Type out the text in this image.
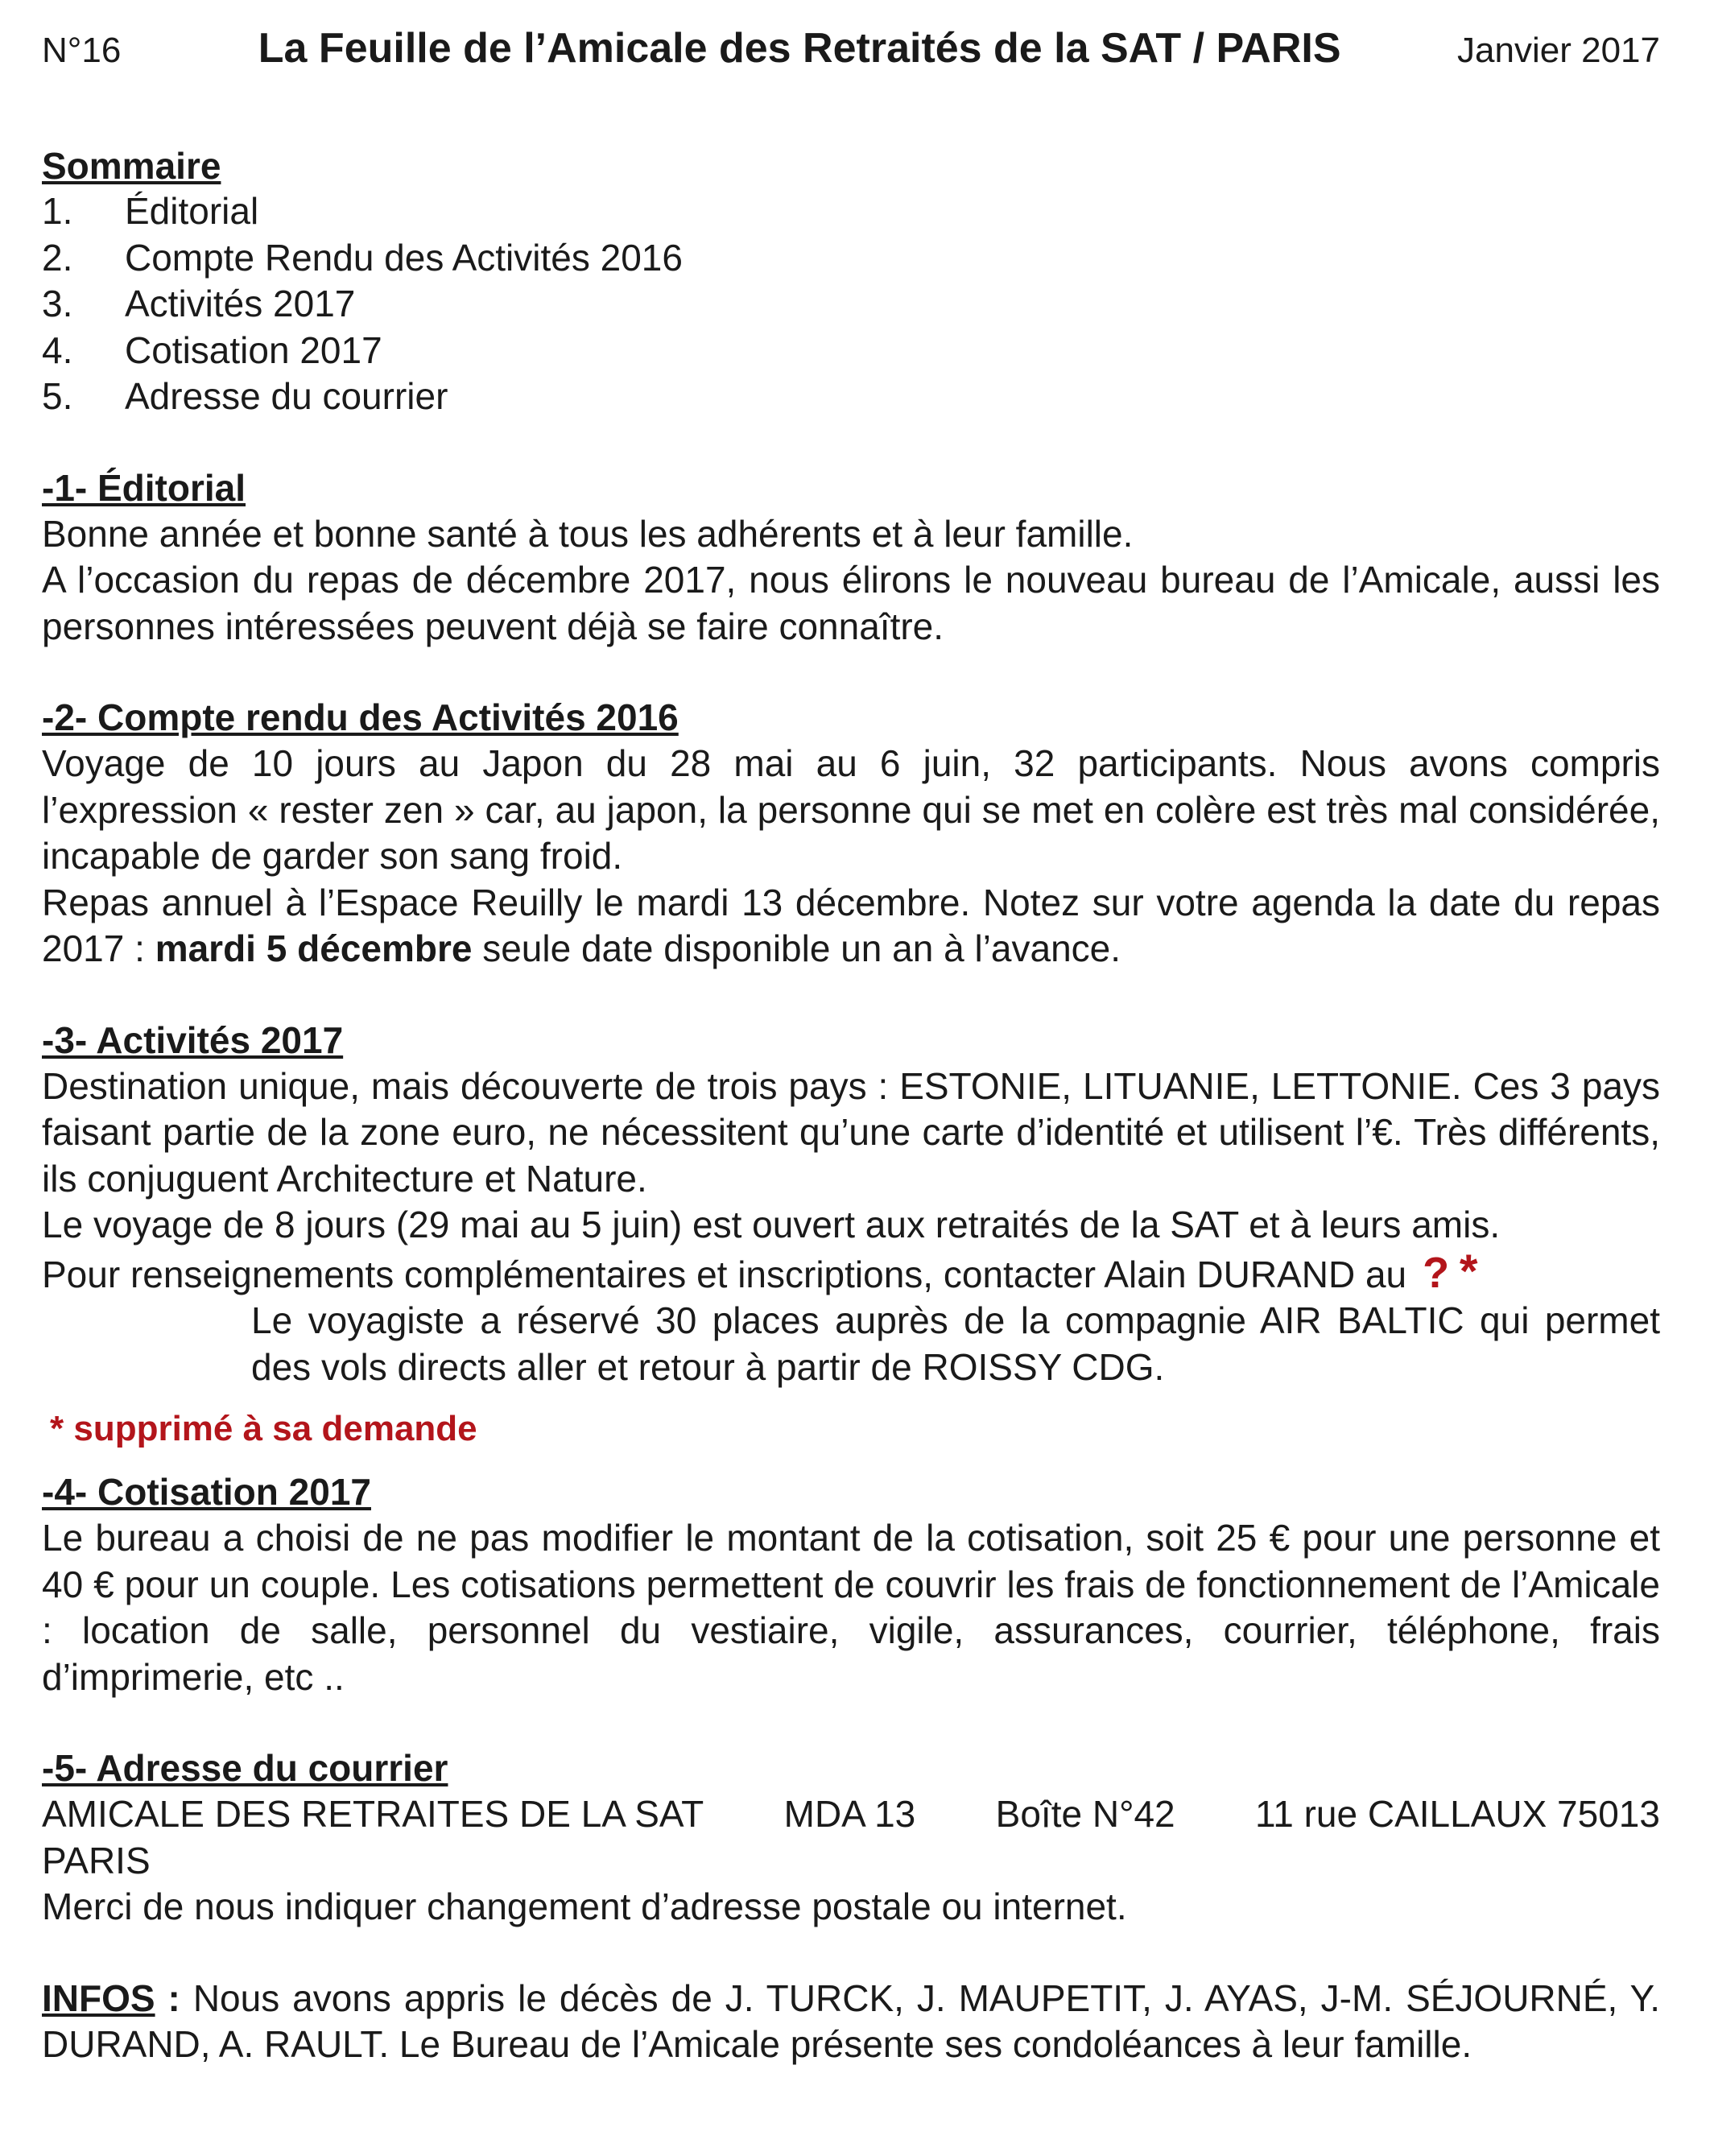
N°16	La Feuille de l’Amicale des Retraités de la SAT / PARIS	Janvier 2017
Sommaire
1.	Éditorial
2.	Compte Rendu des Activités 2016
3.	Activités 2017
4.	Cotisation 2017
5.	Adresse du courrier
-1- Éditorial

Bonne année et bonne santé à tous les adhérents et à leur famille.

A l’occasion du repas de décembre 2017, nous élirons le nouveau bureau de l’Amicale, aussi les personnes intéressées peuvent déjà se faire connaître.

-2- Compte rendu des Activités 2016

Voyage de 10 jours au Japon du 28 mai au 6 juin, 32 participants. Nous avons compris l’expression « rester zen » car, au japon, la personne qui se met en colère est très mal considérée, incapable de garder son sang froid.

Repas annuel à l’Espace Reuilly le mardi 13 décembre. Notez sur votre agenda la date du repas 2017 : mardi 5 décembre seule date disponible un an à l’avance.

-3- Activités 2017

Destination unique, mais découverte de trois pays : ESTONIE, LITUANIE, LETTONIE. Ces 3 pays faisant partie de la zone euro, ne nécessitent qu’une carte d’identité et utilisent l’€. Très différents, ils conjuguent Architecture et Nature.

Le voyage de 8 jours (29 mai au 5 juin) est ouvert aux retraités de la SAT et à leurs amis.

Pour renseignements complémentaires et inscriptions, contacter Alain DURAND au ? *

Le voyagiste a réservé 30 places auprès de la compagnie AIR BALTIC qui permet des vols directs aller et retour à partir de ROISSY CDG.

* supprimé à sa demande
-4- Cotisation 2017

Le bureau a choisi de ne pas modifier le montant de la cotisation, soit 25 € pour une personne et 40 € pour un couple. Les cotisations permettent de couvrir les frais de fonctionnement de l’Amicale : location de salle, personnel du vestiaire, vigile, assurances, courrier, téléphone, frais d’imprimerie, etc ..

-5- Adresse du courrier
AMICALE DES RETRAITES DE LA SAT MDA 13 Boîte N°42 11 rue CAILLAUX 75013

PARIS

Merci de nous indiquer changement d’adresse postale ou internet.

INFOS : Nous avons appris le décès de J. TURCK, J. MAUPETIT, J. AYAS, J-M. SÉJOURNÉ, Y. DURAND, A. RAULT. Le Bureau de l’Amicale présente ses condoléances à leur famille.
